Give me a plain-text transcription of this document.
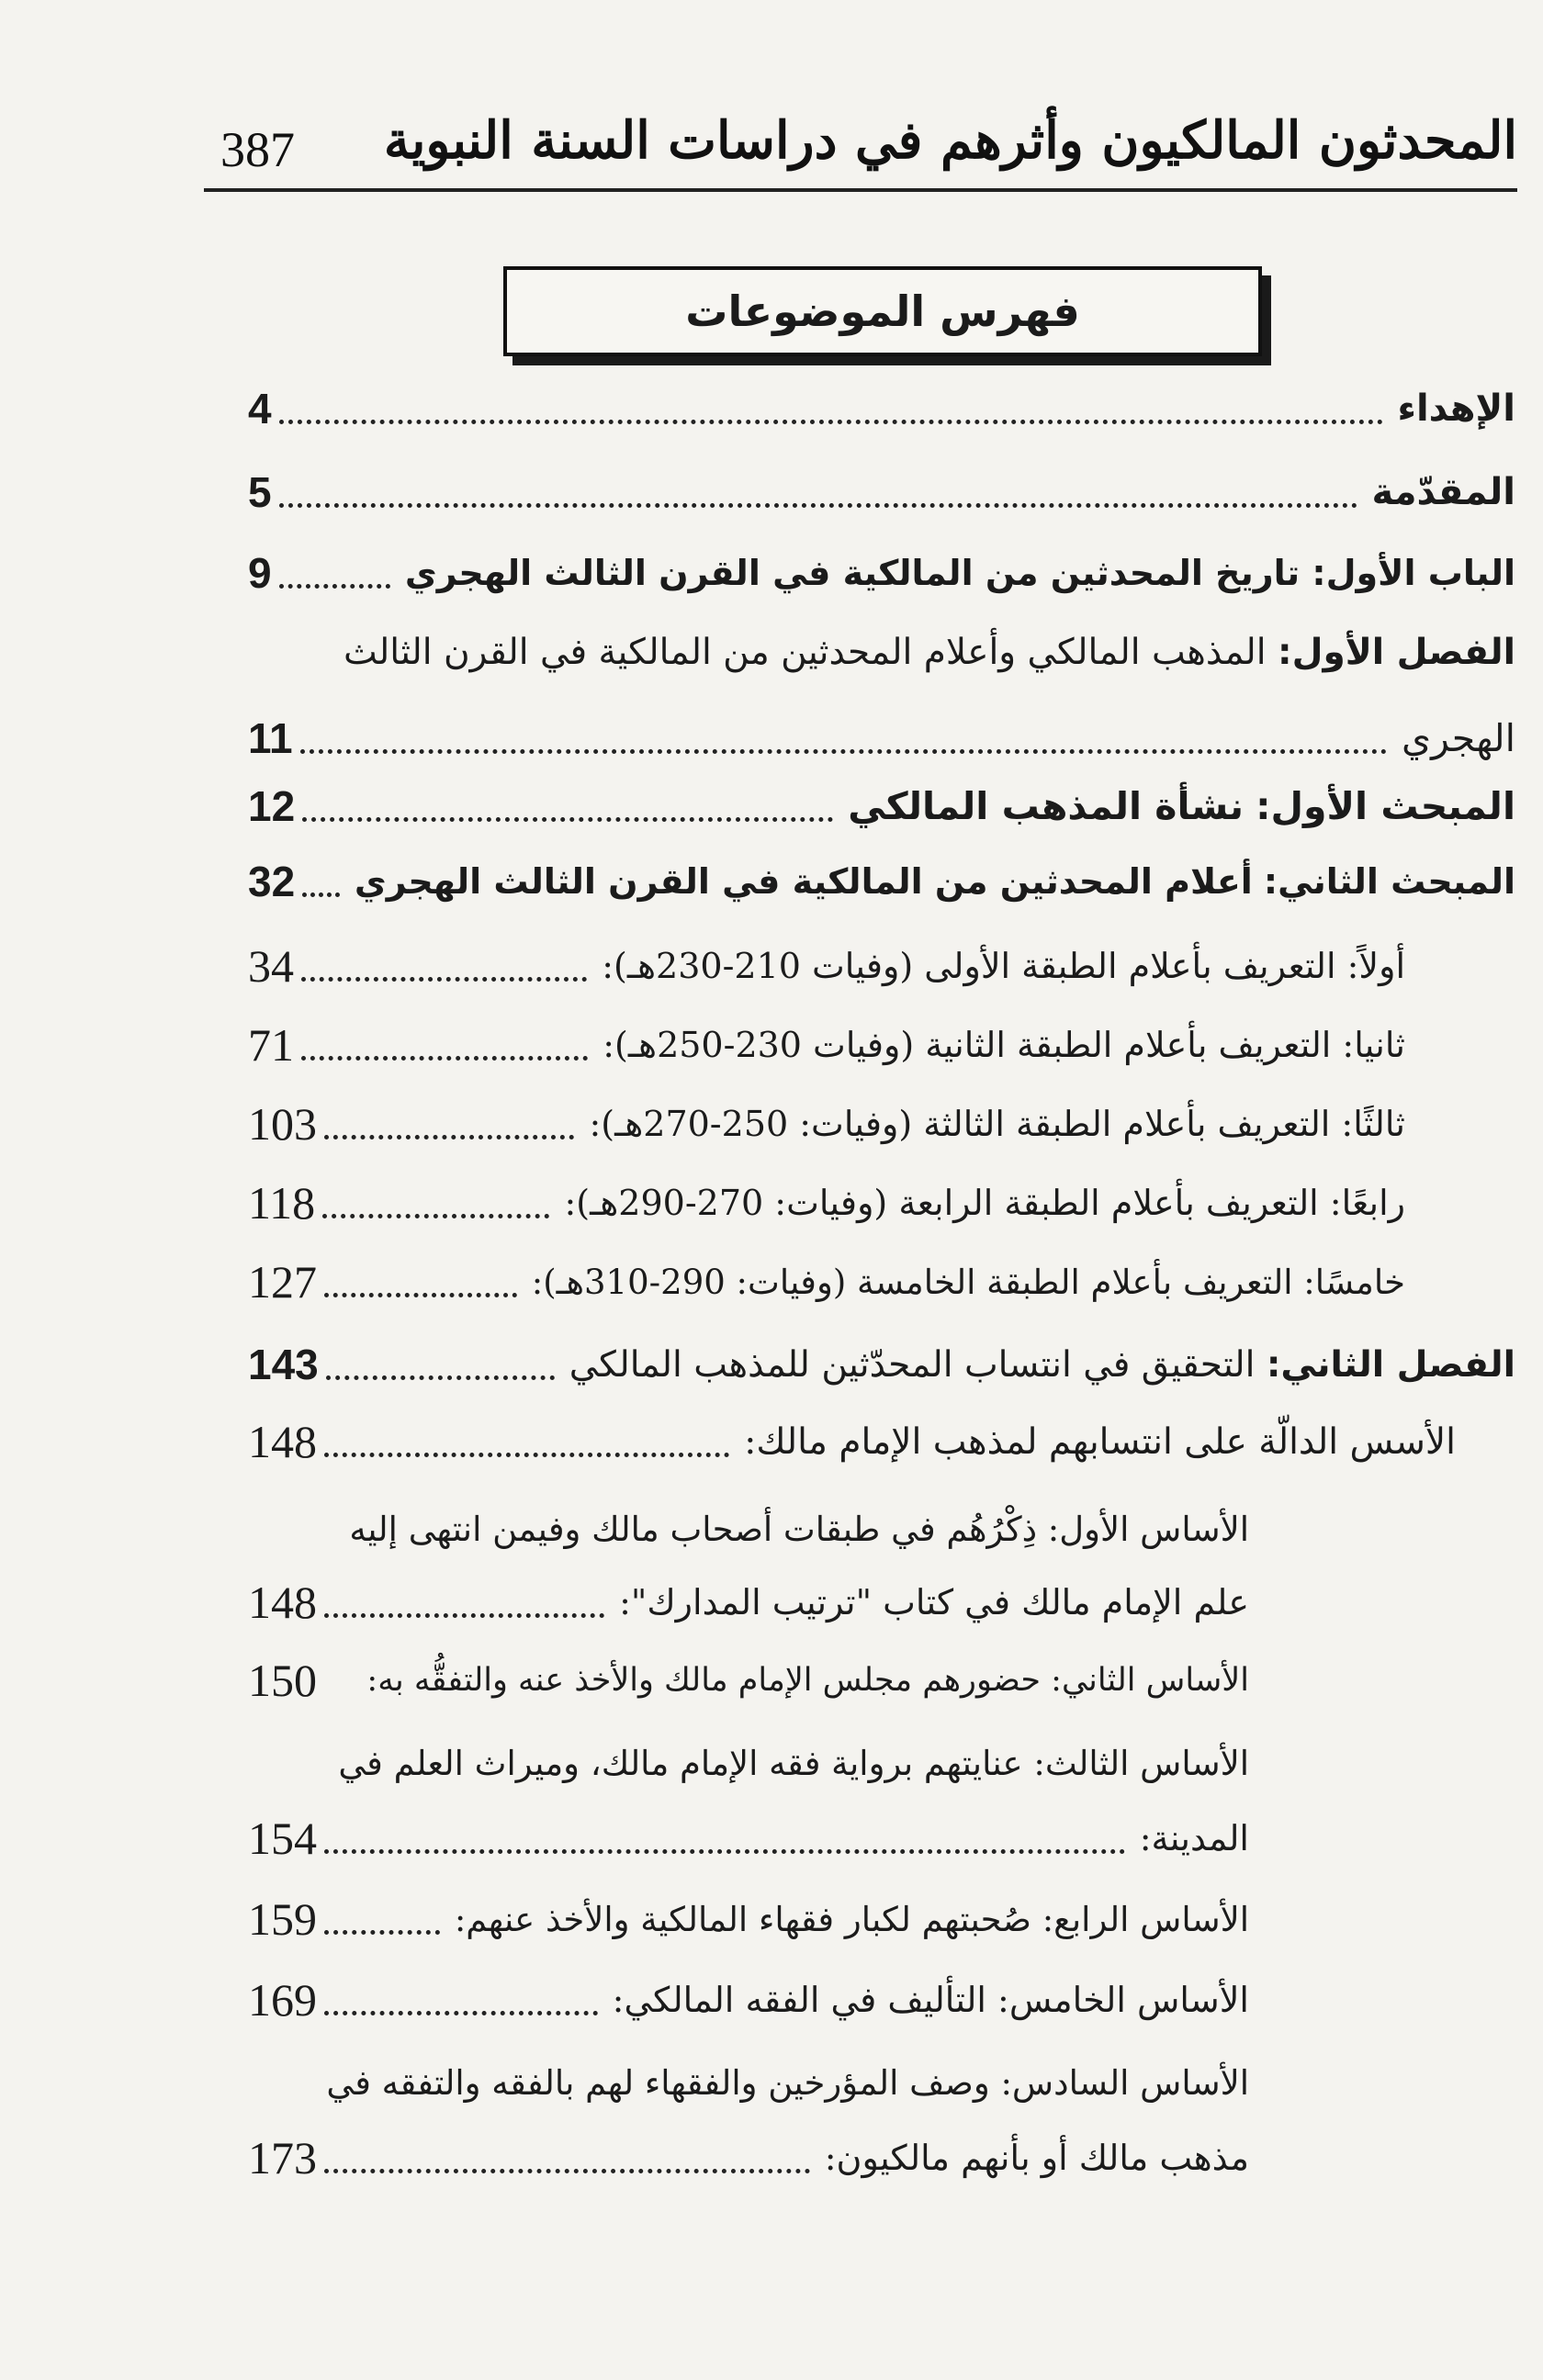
المحدثون المالكيون وأثرهم في دراسات السنة النبوية
387
فهرس الموضوعات
الإهداء
4
المقدّمة
5
الباب الأول: تاريخ المحدثين من المالكية في القرن الثالث الهجري
9
الفصل الأول: المذهب المالكي وأعلام المحدثين من المالكية في القرن الثالث
الهجري
11
المبحث الأول: نشأة المذهب المالكي
12
المبحث الثاني: أعلام المحدثين من المالكية في القرن الثالث الهجري
32
أولاً: التعريف بأعلام الطبقة الأولى (وفيات 210-230هـ):
34
ثانيا: التعريف بأعلام الطبقة الثانية (وفيات 230-250هـ):
71
ثالثًا: التعريف بأعلام الطبقة الثالثة (وفيات: 250-270هـ):
103
رابعًا: التعريف بأعلام الطبقة الرابعة (وفيات: 270-290هـ):
118
خامسًا: التعريف بأعلام الطبقة الخامسة (وفيات: 290-310هـ):
127
الفصل الثاني: التحقيق في انتساب المحدّثين للمذهب المالكي
143
الأسس الدالّة على انتسابهم لمذهب الإمام مالك:
148
الأساس الأول: ذِكْرُهُم في طبقات أصحاب مالك وفيمن انتهى إليه
علم الإمام مالك في كتاب "ترتيب المدارك":
148
الأساس الثاني: حضورهم مجلس الإمام مالك والأخذ عنه والتفقُّه به:
150
الأساس الثالث: عنايتهم برواية فقه الإمام مالك، وميراث العلم في
المدينة:
154
الأساس الرابع: صُحبتهم لكبار فقهاء المالكية والأخذ عنهم:
159
الأساس الخامس: التأليف في الفقه المالكي:
169
الأساس السادس: وصف المؤرخين والفقهاء لهم بالفقه والتفقه في
مذهب مالك أو بأنهم مالكيون:
173
